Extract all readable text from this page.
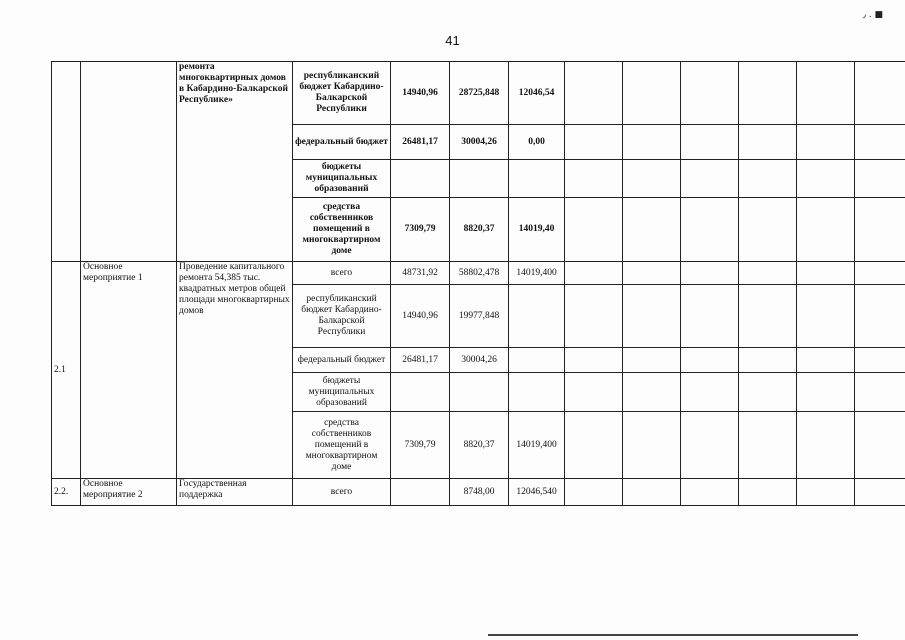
٫ . ■
41
		ремонта многоквартирных домов в Кабардино-Балкарской Республике»	республиканский бюджет Кабардино-Балкарской Республики	14940,96	28725,848	12046,54						
			федеральный бюджет	26481,17	30004,26	0,00						
			бюджеты муниципальных образований									
			средства собственников помещений в многоквартирном доме	7309,79	8820,37	14019,40						
2.1	Основное мероприятие 1	Проведение капитального ремонта 54,385 тыс. квадратных метров общей площади многоквартирных домов	всего	48731,92	58802,478	14019,400						
			республиканский бюджет Кабардино-Балкарской Республики	14940,96	19977,848							
			федеральный бюджет	26481,17	30004,26							
			бюджеты муниципальных образований									
			средства собственников помещений в многоквартирном доме	7309,79	8820,37	14019,400						
2.2.	Основное мероприятие 2	Государственная поддержка	всего		8748,00	12046,540						
